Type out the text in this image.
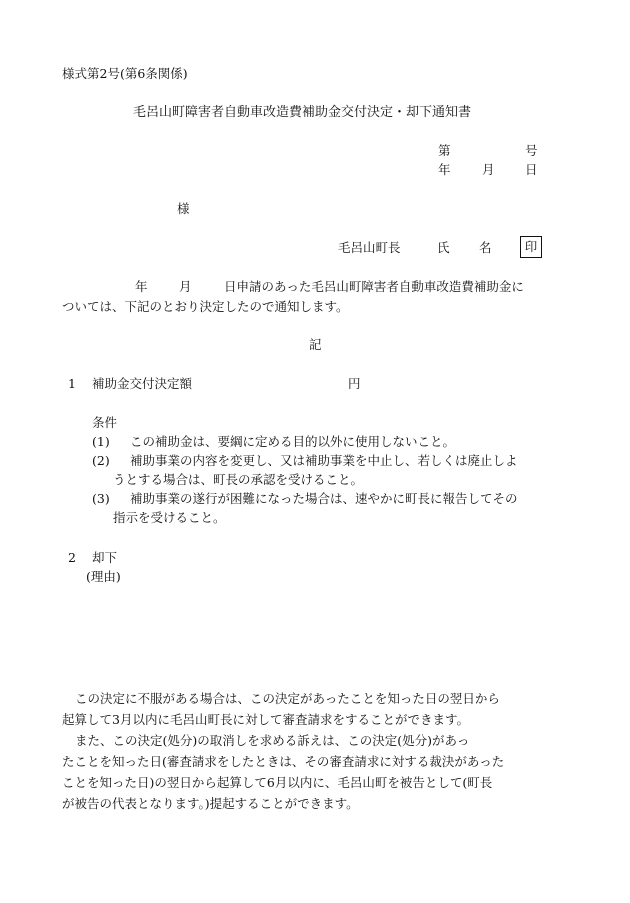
様式第2号(第6条関係)
毛呂山町障害者自動車改造費補助金交付決定・却下通知書
第	号
年	月 日
様
毛呂山町長	氏 名	印
年	月	日申請のあった毛呂山町障害者自動車改造費補助金に
ついては、下記のとおり決定したので通知します。
記
1 補助金交付決定額	円
条件
(1) この補助金は、要綱に定める目的以外に使用しないこと。
(2) 補助事業の内容を変更し、又は補助事業を中止し、若しくは廃止しよ
うとする場合は、町長の承認を受けること。
(3) 補助事業の遂行が困難になった場合は、速やかに町長に報告してその
指示を受けること。
2 却下
(理由)
この決定に不服がある場合は、この決定があったことを知った日の翌日から
起算して3月以内に毛呂山町長に対して審査請求をすることができます。
また、この決定(処分)の取消しを求める訴えは、この決定(処分)があっ
たことを知った日(審査請求をしたときは、その審査請求に対する裁決があった
ことを知った日)の翌日から起算して6月以内に、毛呂山町を被告として(町長
が被告の代表となります。)提起することができます。
